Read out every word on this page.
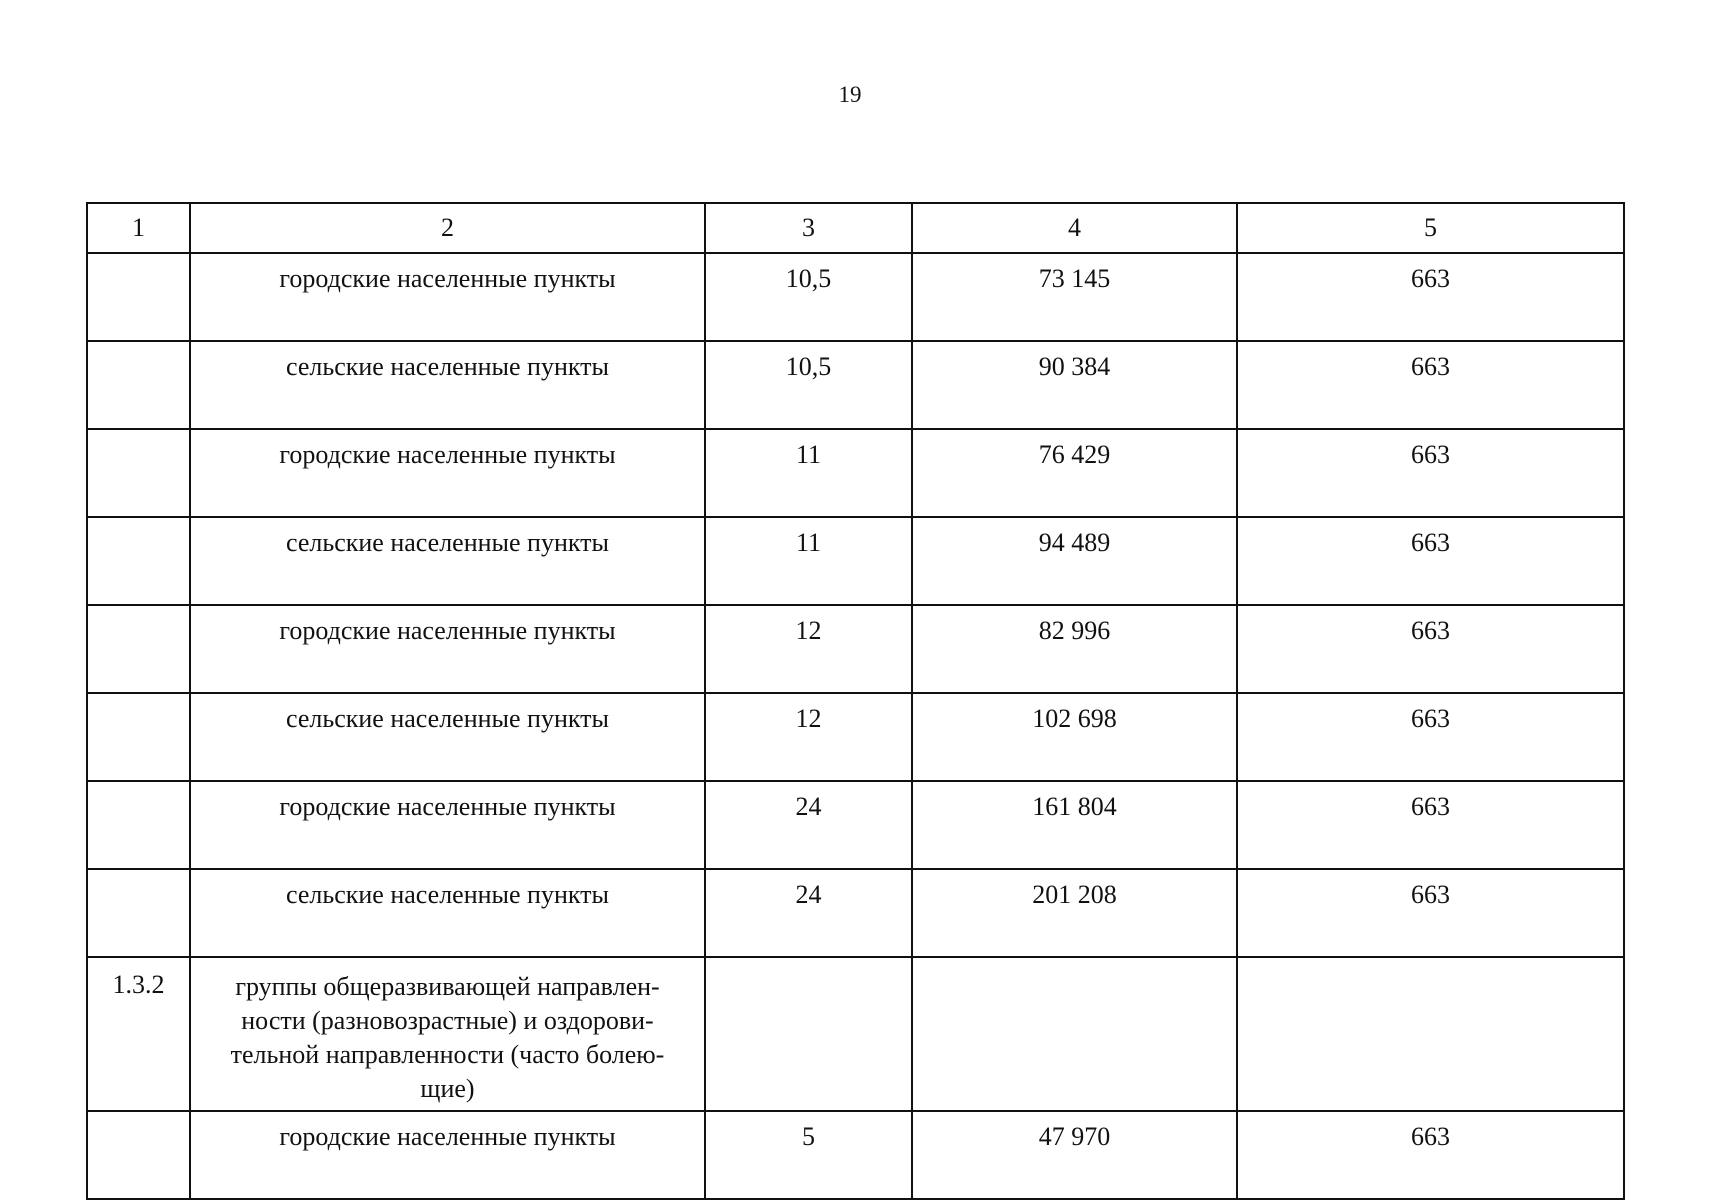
19
1	2	3	4	5
	городские населенные пункты	10,5	73 145	663
	сельские населенные пункты	10,5	90 384	663
	городские населенные пункты	11	76 429	663
	сельские населенные пункты	11	94 489	663
	городские населенные пункты	12	82 996	663
	сельские населенные пункты	12	102 698	663
	городские населенные пункты	24	161 804	663
	сельские населенные пункты	24	201 208	663
1.3.2	группы общеразвивающей направлен-
ности (разновозрастные) и оздорови-
тельной направленности (часто болею-
щие)			

	городские населенные пункты	5	47 970	663
